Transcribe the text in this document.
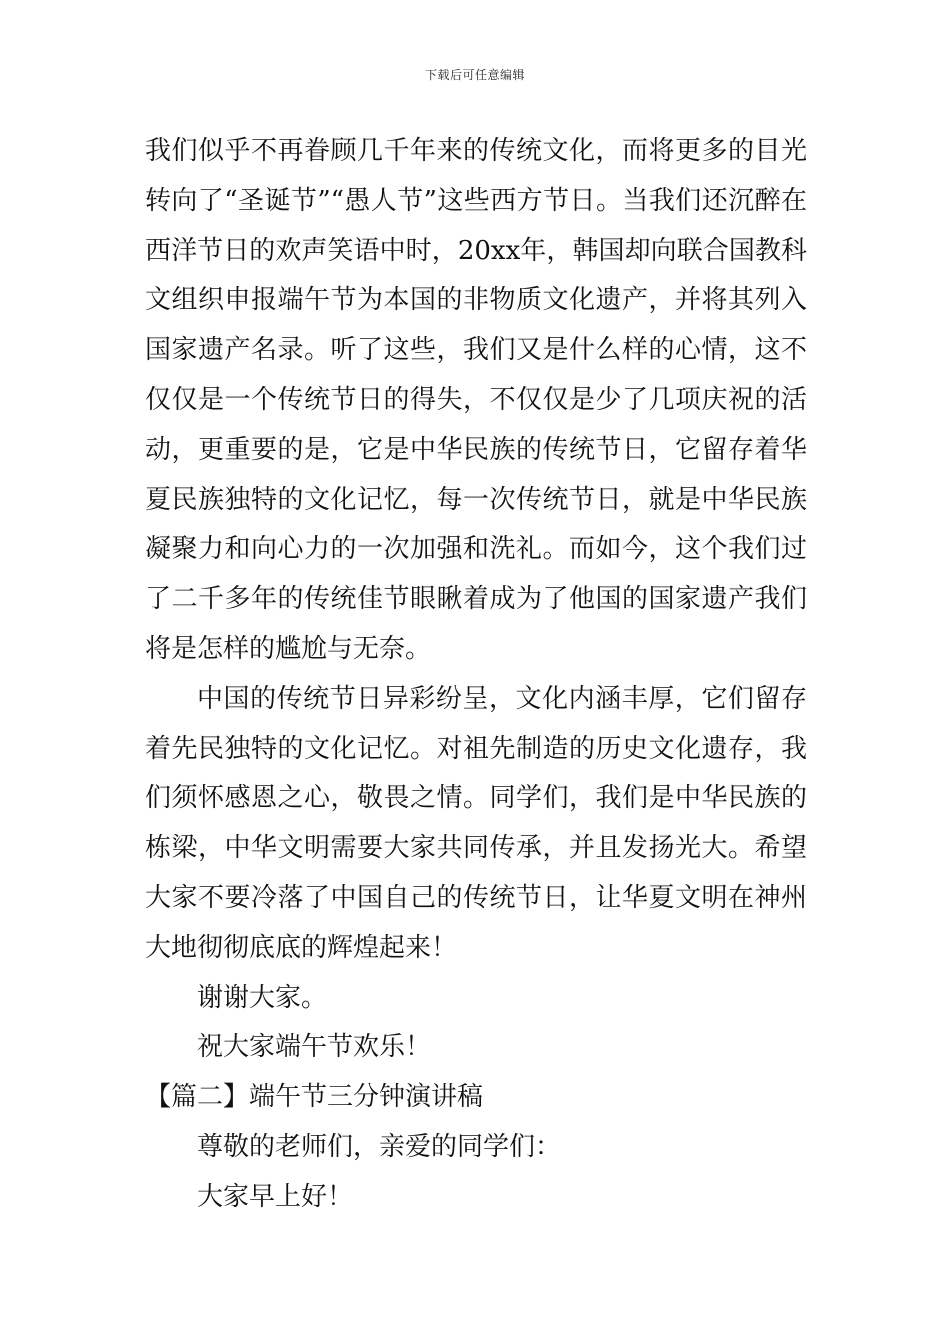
下载后可任意编辑

我们似乎不再眷顾几千年来的传统文化，而将更多的目光转向了“圣诞节”“愚人节”这些西方节日。当我们还沉醉在西洋节日的欢声笑语中时，20xx年，韩国却向联合国教科文组织申报端午节为本国的非物质文化遗产，并将其列入国家遗产名录。听了这些，我们又是什么样的心情，这不仅仅是一个传统节日的得失，不仅仅是少了几项庆祝的活动，更重要的是，它是中华民族的传统节日，它留存着华夏民族独特的文化记忆，每一次传统节日，就是中华民族凝聚力和向心力的一次加强和洗礼。而如今，这个我们过了二千多年的传统佳节眼瞅着成为了他国的国家遗产我们将是怎样的尴尬与无奈。

中国的传统节日异彩纷呈，文化内涵丰厚，它们留存着先民独特的文化记忆。对祖先制造的历史文化遗存，我们须怀感恩之心，敬畏之情。同学们，我们是中华民族的栋梁，中华文明需要大家共同传承，并且发扬光大。希望大家不要冷落了中国自己的传统节日，让华夏文明在神州大地彻彻底底的辉煌起来！

谢谢大家。

祝大家端午节欢乐！

【篇二】端午节三分钟演讲稿

尊敬的老师们，亲爱的同学们：

大家早上好！
